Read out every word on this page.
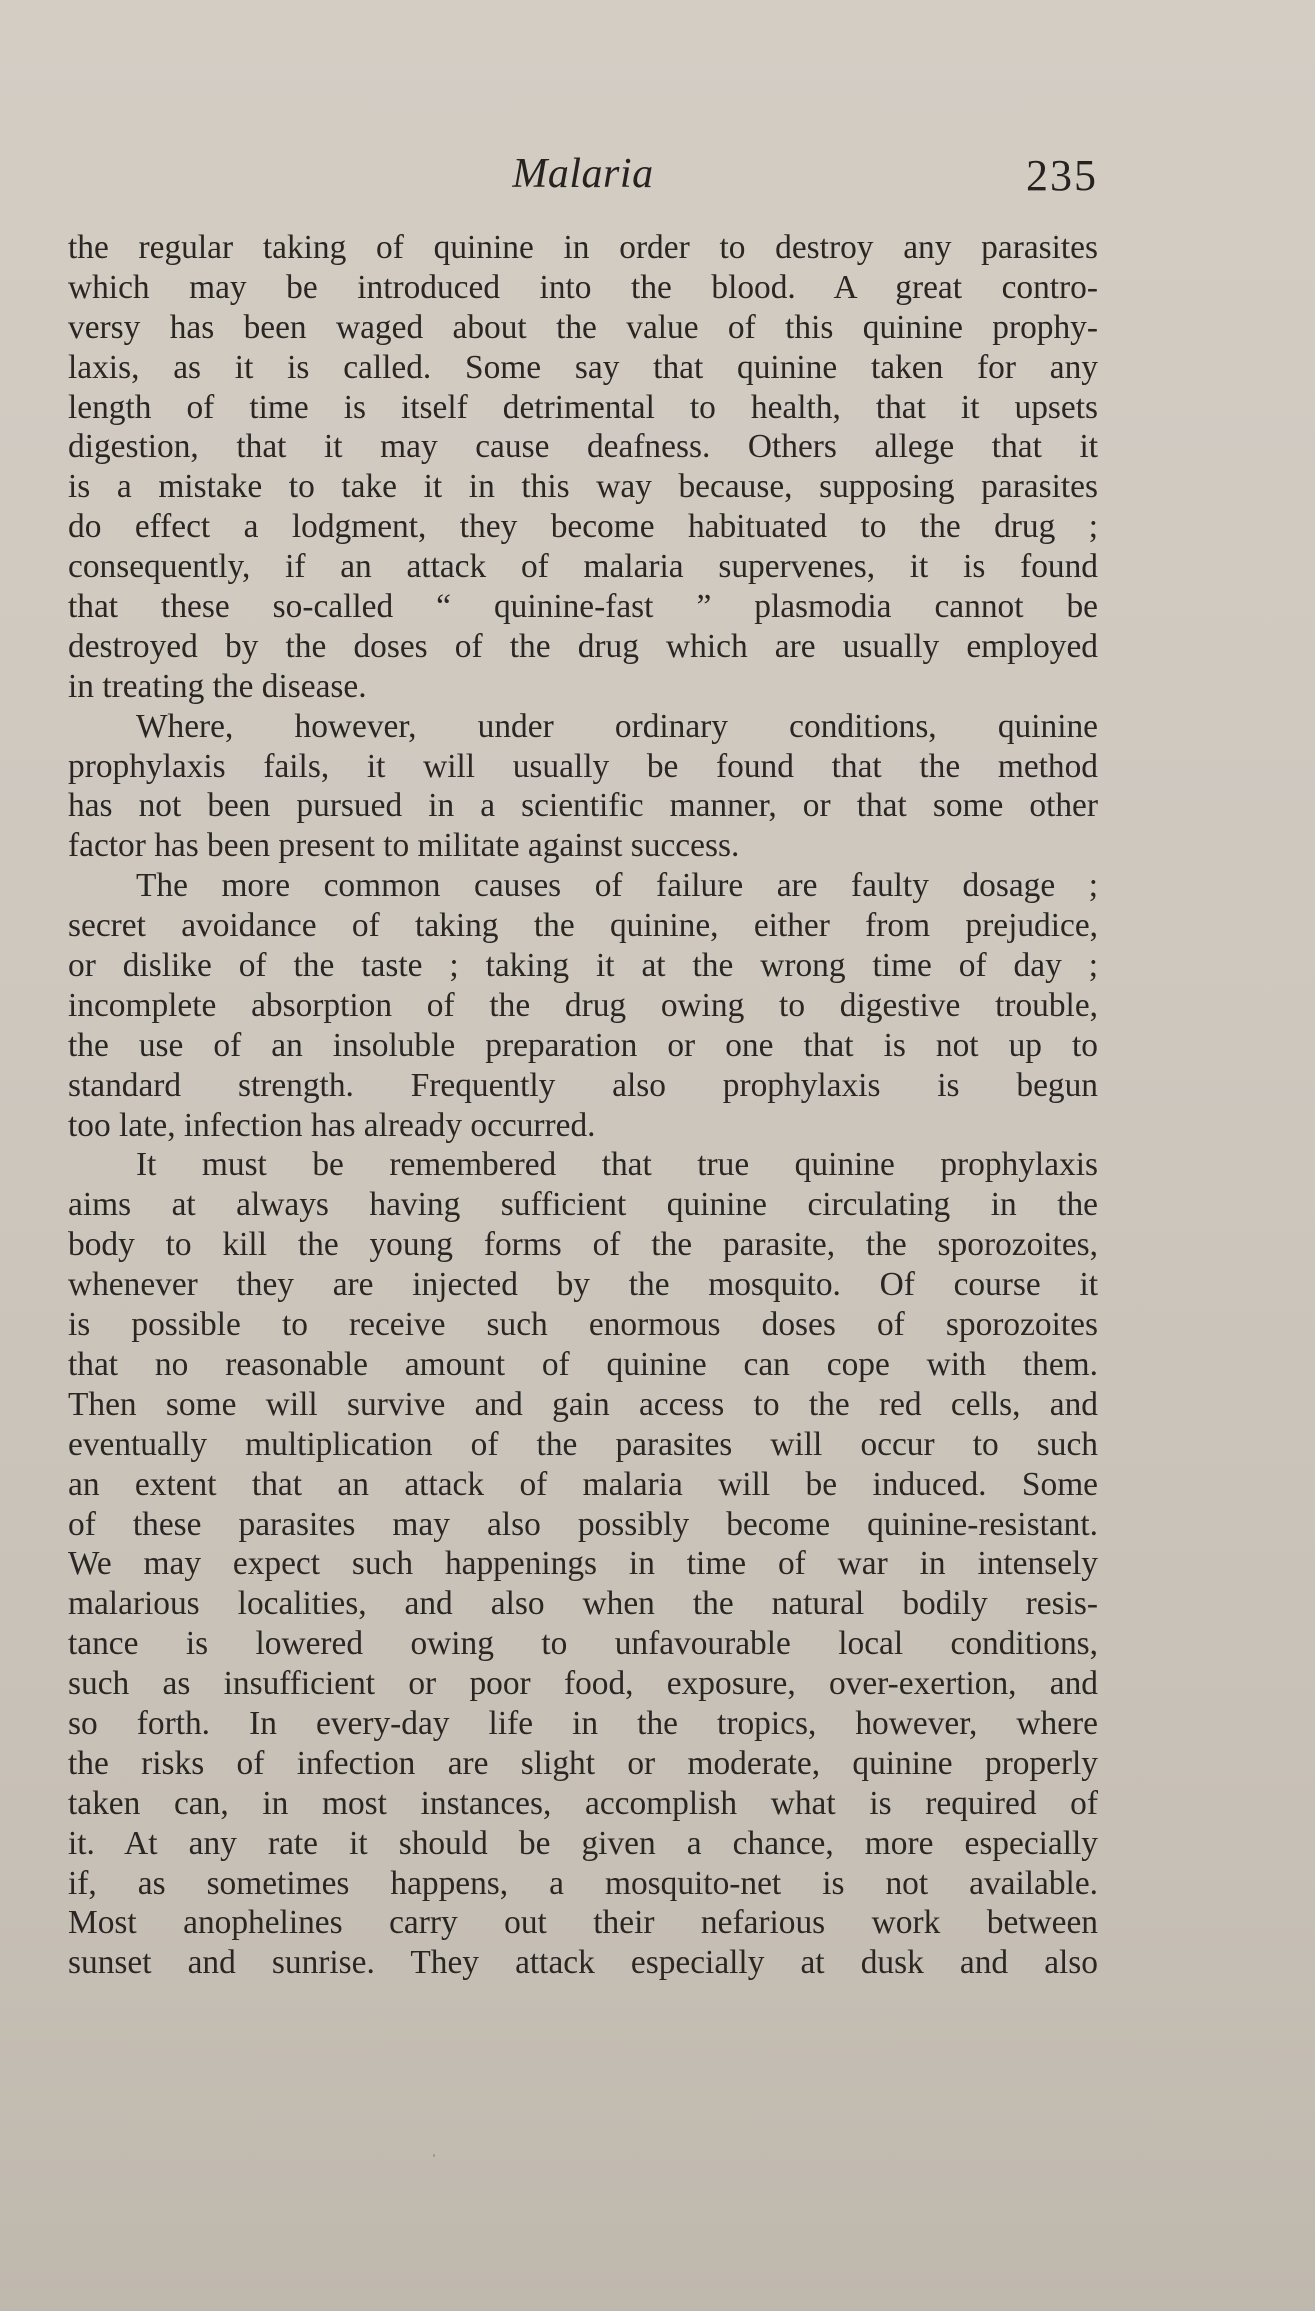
Malaria	235
the regular taking of quinine in order to destroy any parasites
which may be introduced into the blood. A great contro-
versy has been waged about the value of this quinine prophy-
laxis, as it is called. Some say that quinine taken for any
length of time is itself detrimental to health, that it upsets
digestion, that it may cause deafness. Others allege that it
is a mistake to take it in this way because, supposing parasites
do effect a lodgment, they become habituated to the drug ;
consequently, if an attack of malaria supervenes, it is found
that these so-called “ quinine-fast ” plasmodia cannot be
destroyed by the doses of the drug which are usually employed
in treating the disease.
Where, however, under ordinary conditions, quinine
prophylaxis fails, it will usually be found that the method
has not been pursued in a scientific manner, or that some other
factor has been present to militate against success.
The more common causes of failure are faulty dosage ;
secret avoidance of taking the quinine, either from prejudice,
or dislike of the taste ; taking it at the wrong time of day ;
incomplete absorption of the drug owing to digestive trouble,
the use of an insoluble preparation or one that is not up to
standard strength. Frequently also prophylaxis is begun
too late, infection has already occurred.
It must be remembered that true quinine prophylaxis
aims at always having sufficient quinine circulating in the
body to kill the young forms of the parasite, the sporozoites,
whenever they are injected by the mosquito. Of course it
is possible to receive such enormous doses of sporozoites
that no reasonable amount of quinine can cope with them.
Then some will survive and gain access to the red cells, and
eventually multiplication of the parasites will occur to such
an extent that an attack of malaria will be induced. Some
of these parasites may also possibly become quinine-resistant.
We may expect such happenings in time of war in intensely
malarious localities, and also when the natural bodily resis-
tance is lowered owing to unfavourable local conditions,
such as insufficient or poor food, exposure, over-exertion, and
so forth. In every-day life in the tropics, however, where
the risks of infection are slight or moderate, quinine properly
taken can, in most instances, accomplish what is required of
it. At any rate it should be given a chance, more especially
if, as sometimes happens, a mosquito-net is not available.
Most anophelines carry out their nefarious work between
sunset and sunrise. They attack especially at dusk and also
